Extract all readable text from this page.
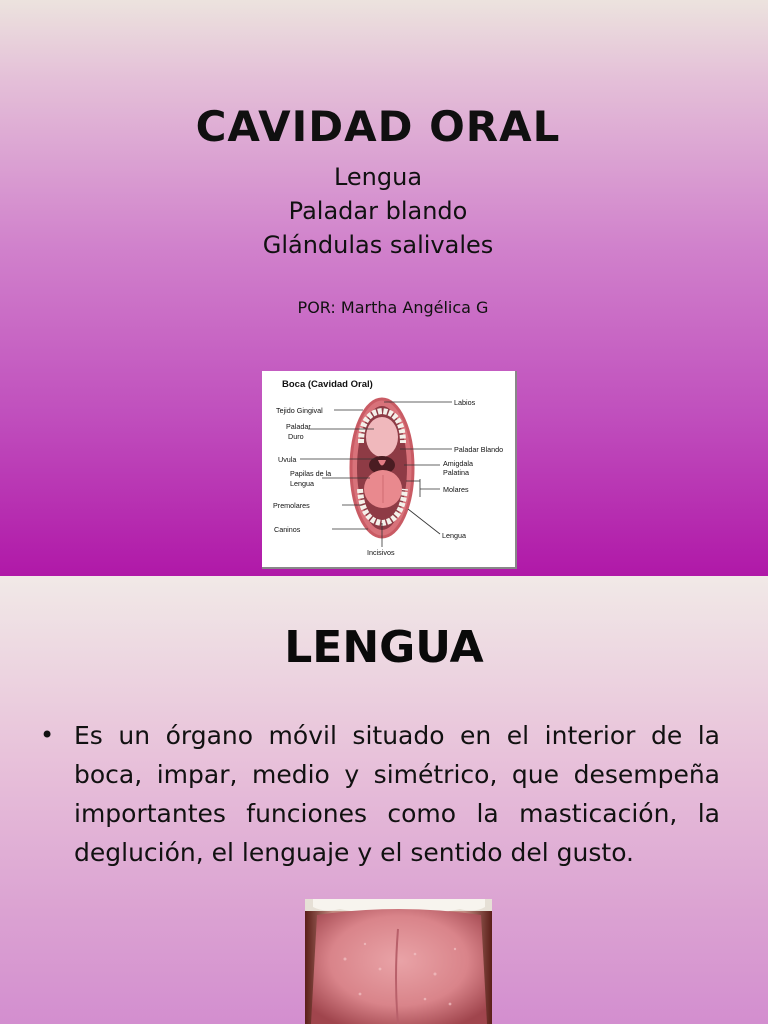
CAVIDAD ORAL
Lengua
Paladar blando
Glándulas salivales
POR: Martha Angélica G
Boca (Cavidad Oral)
Labios
Tejido Gingival
Paladar
Duro
Paladar Blando
Uvula	Amigdala
Palatina
Papilas de la
Lengua
Molares
Premolares
Caninos
Lengua
Incisivos
LENGUA
• Es un órgano móvil situado en el interior de la boca, impar, medio y simétrico, que desempeña importantes funciones como la masticación, la deglución, el lenguaje y el sentido del gusto.
